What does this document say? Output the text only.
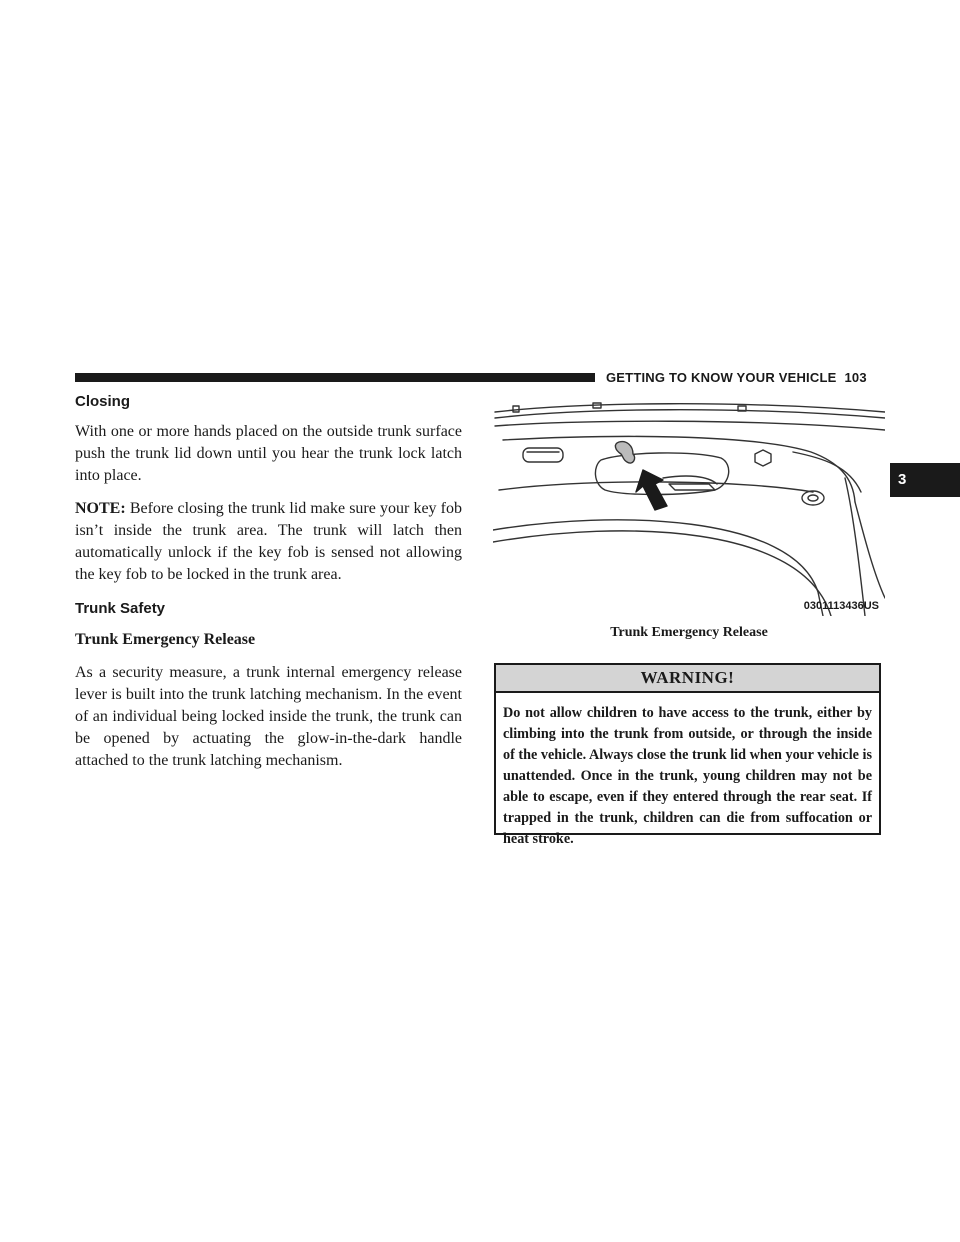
GETTING TO KNOW YOUR VEHICLE 103
3
Closing

With one or more hands placed on the outside trunk surface push the trunk lid down until you hear the trunk lock latch into place.

NOTE: Before closing the trunk lid make sure your key fob isn’t inside the trunk area. The trunk will latch then automatically unlock if the key fob is sensed not allowing the key fob to be locked in the trunk area.

Trunk Safety

Trunk Emergency Release

As a security measure, a trunk internal emergency release lever is built into the trunk latching mechanism. In the event of an individual being locked inside the trunk, the trunk can be opened by actuating the glow-in-the-dark handle attached to the trunk latching mechanism.

0301113436US
Trunk Emergency Release
WARNING!
Do not allow children to have access to the trunk, either by climbing into the trunk from outside, or through the inside of the vehicle. Always close the trunk lid when your vehicle is unattended. Once in the trunk, young children may not be able to escape, even if they entered through the rear seat. If trapped in the trunk, children can die from suffocation or heat stroke.
